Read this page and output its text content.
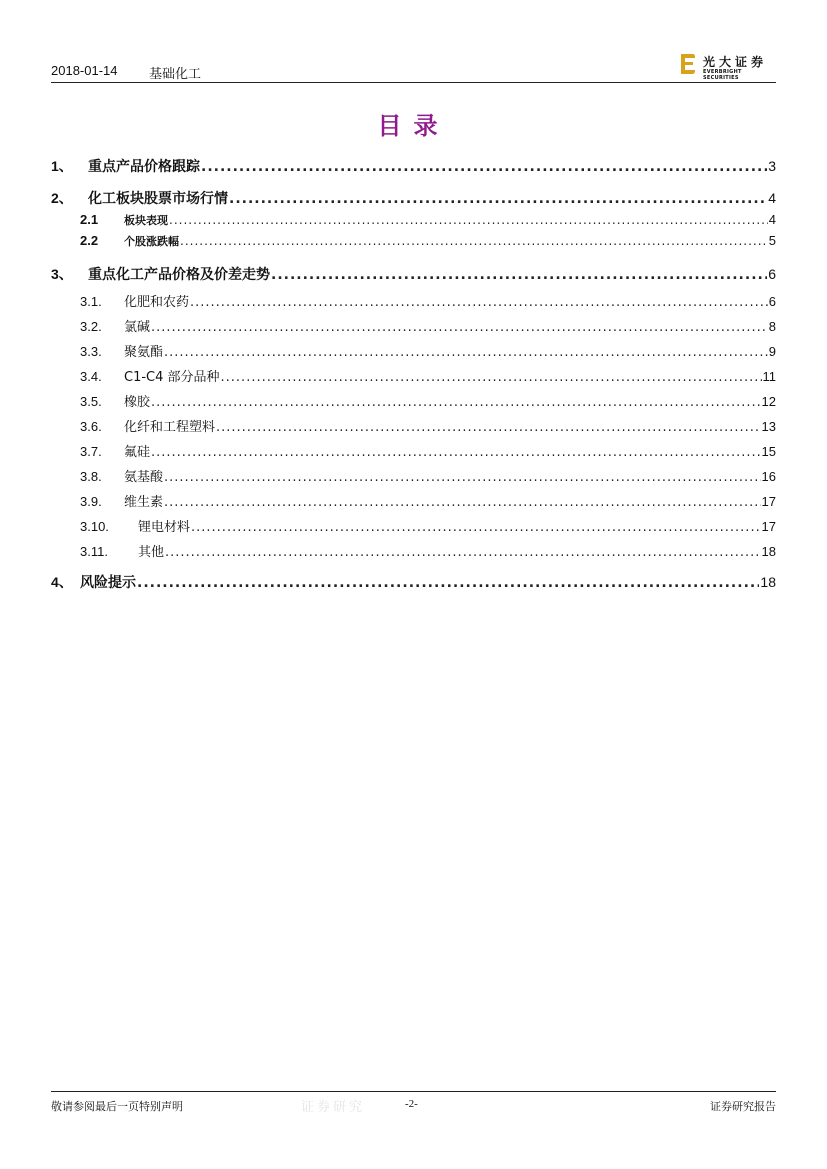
2018-01-14 基础化工
光大证券
EVERBRIGHT SECURITIES
目录
1、	重点产品价格跟踪 .....	3
2、	化工板块股票市场行情 .....	4
2.1	板块表现 .....	4
2.2	个股涨跌幅 .....	5
3、	重点化工产品价格及价差走势 .....	6
3.1.	化肥和农药 .....	6
3.2.	氯碱 .....	8
3.3.	聚氨酯 .....	9
3.4.	C1-C4 部分品种 .....	11
3.5.	橡胶 .....	12
3.6.	化纤和工程塑料 .....	13
3.7.	氟硅 .....	15
3.8.	氨基酸 .....	16
3.9.	维生素 .....	17
3.10.	锂电材料 .....	17
3.11.	其他 .....	18
4、 风险提示 .....	18
敬请参阅最后一页特别声明	证券研究	-2-	证券研究报告
